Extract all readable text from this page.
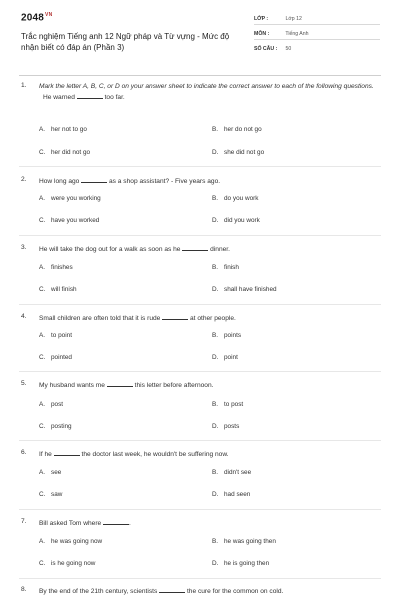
$2048^{VN}$
Trắc nghiệm Tiếng anh 12 Ngữ pháp và Từ vựng - Mức độ nhận biết có đáp án (Phần 3)
LỚP :	Lớp 12
MÔN :	Tiếng Anh
SỐ CÂU : 50
1. Mark the letter A, B, C, or D on your answer sheet to indicate the correct answer to each of the following questions.
He warned	too far.
A. her not to go	B. her do not go
C. her did not go	D. she did not go
2. How long ago	as a shop assistant? - Five years ago.
A. were you working	B. do you work
C. have you worked	D. did you work
3. He will take the dog out for a walk as soon as he	dinner.
A. finishes	B. finish
C. will finish	D. shall have finished
4. Small children are often told that it is rude	at other people.
A. to point	B. points
C. pointed	D. point
5. My husband wants me	this letter before afternoon.
A. post	B. to post
C. posting	D. posts
6. If he	the doctor last week, he wouldn't be suffering now.
A. see	B. didn't see
C. saw	D. had seen
7. Bill asked Tom where	.
A. he was going now	B. he was going then
C. is he going now	D. he is going then
8. By the end of the 21th century, scientists	the cure for the common on cold.
